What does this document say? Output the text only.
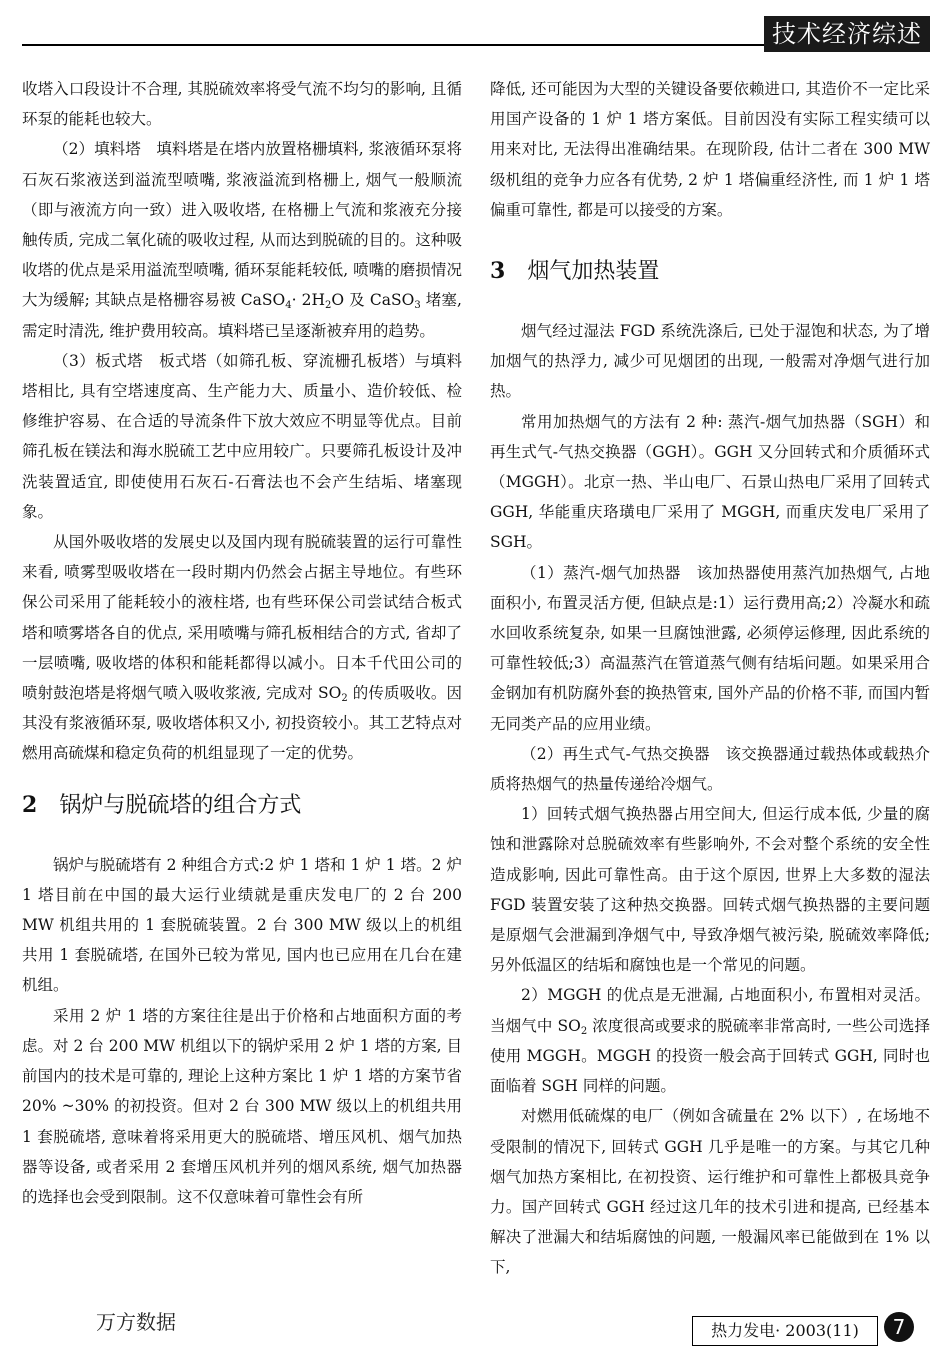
技术经济综述

收塔入口段设计不合理, 其脱硫效率将受气流不均匀的影响, 且循环泵的能耗也较大。

（2）填料塔　填料塔是在塔内放置格栅填料, 浆液循环泵将石灰石浆液送到溢流型喷嘴, 浆液溢流到格栅上, 烟气一般顺流（即与液流方向一致）进入吸收塔, 在格栅上气流和浆液充分接触传质, 完成二氧化硫的吸收过程, 从而达到脱硫的目的。这种吸收塔的优点是采用溢流型喷嘴, 循环泵能耗较低, 喷嘴的磨损情况大为缓解; 其缺点是格栅容易被 CaSO$_4$· $2H_2O$ 及 CaSO$_3$ 堵塞, 需定时清洗, 维护费用较高。填料塔已呈逐渐被弃用的趋势。

（3）板式塔　板式塔（如筛孔板、穿流栅孔板塔）与填料塔相比, 具有空塔速度高、生产能力大、质量小、造价较低、检修维护容易、在合适的导流条件下放大效应不明显等优点。目前筛孔板在镁法和海水脱硫工艺中应用较广。只要筛孔板设计及冲洗装置适宜, 即使使用石灰石-石膏法也不会产生结垢、堵塞现象。

从国外吸收塔的发展史以及国内现有脱硫装置的运行可靠性来看, 喷雾型吸收塔在一段时期内仍然会占据主导地位。有些环保公司采用了能耗较小的液柱塔, 也有些环保公司尝试结合板式塔和喷雾塔各自的优点, 采用喷嘴与筛孔板相结合的方式, 省却了一层喷嘴, 吸收塔的体积和能耗都得以减小。日本千代田公司的喷射鼓泡塔是将烟气喷入吸收浆液, 完成对 $SO_2$ 的传质吸收。因其没有浆液循环泵, 吸收塔体积又小, 初投资较小。其工艺特点对燃用高硫煤和稳定负荷的机组显现了一定的优势。

2 锅炉与脱硫塔的组合方式

锅炉与脱硫塔有 2 种组合方式:2 炉 1 塔和 1 炉 1 塔。2 炉 1 塔目前在中国的最大运行业绩就是重庆发电厂的 2 台 200 MW 机组共用的 1 套脱硫装置。2 台 300 MW 级以上的机组共用 1 套脱硫塔, 在国外已较为常见, 国内也已应用在几台在建机组。

采用 2 炉 1 塔的方案往往是出于价格和占地面积方面的考虑。对 2 台 200 MW 机组以下的锅炉采用 2 炉 1 塔的方案, 目前国内的技术是可靠的, 理论上这种方案比 1 炉 1 塔的方案节省 20% ~30% 的初投资。但对 2 台 300 MW 级以上的机组共用 1 套脱硫塔, 意味着将采用更大的脱硫塔、增压风机、烟气加热器等设备, 或者采用 2 套增压风机并列的烟风系统, 烟气加热器的选择也会受到限制。这不仅意味着可靠性会有所

降低, 还可能因为大型的关键设备要依赖进口, 其造价不一定比采用国产设备的 1 炉 1 塔方案低。目前因没有实际工程实绩可以用来对比, 无法得出准确结果。在现阶段, 估计二者在 300 MW 级机组的竞争力应各有优势, 2 炉 1 塔偏重经济性, 而 1 炉 1 塔偏重可靠性, 都是可以接受的方案。

3 烟气加热装置

烟气经过湿法 FGD 系统洗涤后, 已处于湿饱和状态, 为了增加烟气的热浮力, 减少可见烟团的出现, 一般需对净烟气进行加热。

常用加热烟气的方法有 2 种: 蒸汽-烟气加热器（SGH）和再生式气-气热交换器（GGH）。GGH 又分回转式和介质循环式（MGGH）。北京一热、半山电厂、石景山热电厂采用了回转式 GGH, 华能重庆珞璜电厂采用了 MGGH, 而重庆发电厂采用了 SGH。

（1）蒸汽-烟气加热器　该加热器使用蒸汽加热烟气, 占地面积小, 布置灵活方便, 但缺点是:1）运行费用高;2）冷凝水和疏水回收系统复杂, 如果一旦腐蚀泄露, 必须停运修理, 因此系统的可靠性较低;3）高温蒸汽在管道蒸气侧有结垢问题。如果采用合金钢加有机防腐外套的换热管束, 国外产品的价格不菲, 而国内暂无同类产品的应用业绩。

（2）再生式气-气热交换器　该交换器通过载热体或载热介质将热烟气的热量传递给冷烟气。

1）回转式烟气换热器占用空间大, 但运行成本低, 少量的腐蚀和泄露除对总脱硫效率有些影响外, 不会对整个系统的安全性造成影响, 因此可靠性高。由于这个原因, 世界上大多数的湿法 FGD 装置安装了这种热交换器。回转式烟气换热器的主要问题是原烟气会泄漏到净烟气中, 导致净烟气被污染, 脱硫效率降低; 另外低温区的结垢和腐蚀也是一个常见的问题。

2）MGGH 的优点是无泄漏, 占地面积小, 布置相对灵活。当烟气中 $SO_2$ 浓度很高或要求的脱硫率非常高时, 一些公司选择使用 MGGH。MGGH 的投资一般会高于回转式 GGH, 同时也面临着 SGH 同样的问题。

对燃用低硫煤的电厂（例如含硫量在 2% 以下）, 在场地不受限制的情况下, 回转式 GGH 几乎是唯一的方案。与其它几种烟气加热方案相比, 在初投资、运行维护和可靠性上都极具竞争力。国产回转式 GGH 经过这几年的技术引进和提高, 已经基本解决了泄漏大和结垢腐蚀的问题, 一般漏风率已能做到在 1% 以下,

万方数据	热力发电· 2003(11)	7
